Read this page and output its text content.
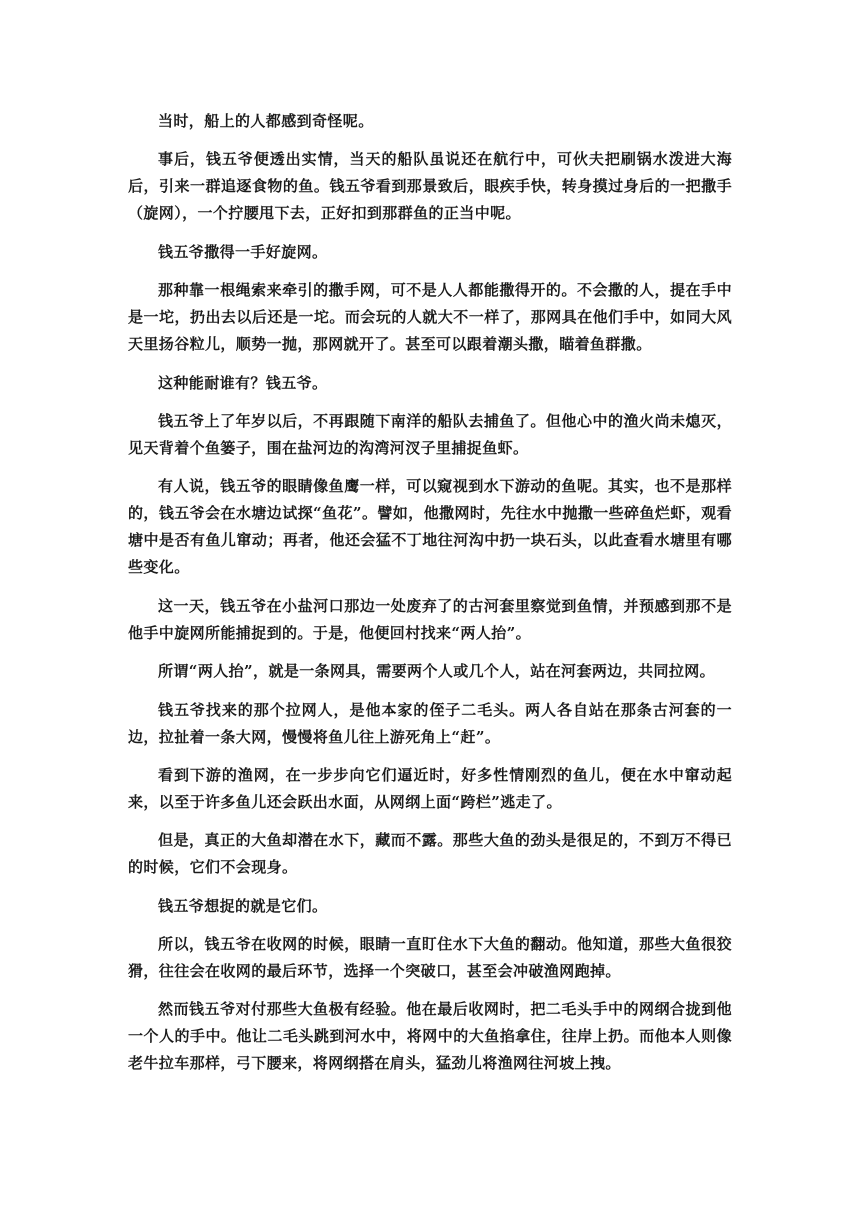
当时，船上的人都感到奇怪呢。

事后，钱五爷便透出实情，当天的船队虽说还在航行中，可伙夫把刷锅水泼进大海后，引来一群追逐食物的鱼。钱五爷看到那景致后，眼疾手快，转身摸过身后的一把撒手（旋网），一个拧腰甩下去，正好扣到那群鱼的正当中呢。

钱五爷撒得一手好旋网。

那种靠一根绳索来牵引的撒手网，可不是人人都能撒得开的。不会撒的人，提在手中是一坨，扔出去以后还是一坨。而会玩的人就大不一样了，那网具在他们手中，如同大风天里扬谷粒儿，顺势一抛，那网就开了。甚至可以跟着潮头撒，瞄着鱼群撒。

这种能耐谁有？钱五爷。

钱五爷上了年岁以后，不再跟随下南洋的船队去捕鱼了。但他心中的渔火尚未熄灭，见天背着个鱼篓子，围在盐河边的沟湾河汊子里捕捉鱼虾。

有人说，钱五爷的眼睛像鱼鹰一样，可以窥视到水下游动的鱼呢。其实，也不是那样的，钱五爷会在水塘边试探“鱼花”。譬如，他撒网时，先往水中抛撒一些碎鱼烂虾，观看塘中是否有鱼儿窜动；再者，他还会猛不丁地往河沟中扔一块石头，以此查看水塘里有哪些变化。

这一天，钱五爷在小盐河口那边一处废弃了的古河套里察觉到鱼情，并预感到那不是他手中旋网所能捕捉到的。于是，他便回村找来“两人抬”。

所谓“两人抬”，就是一条网具，需要两个人或几个人，站在河套两边，共同拉网。

钱五爷找来的那个拉网人，是他本家的侄子二毛头。两人各自站在那条古河套的一边，拉扯着一条大网，慢慢将鱼儿往上游死角上“赶”。

看到下游的渔网，在一步步向它们逼近时，好多性情刚烈的鱼儿，便在水中窜动起来，以至于许多鱼儿还会跃出水面，从网纲上面“跨栏”逃走了。

但是，真正的大鱼却潜在水下，藏而不露。那些大鱼的劲头是很足的，不到万不得已的时候，它们不会现身。

钱五爷想捉的就是它们。

所以，钱五爷在收网的时候，眼睛一直盯住水下大鱼的翻动。他知道，那些大鱼很狡猾，往往会在收网的最后环节，选择一个突破口，甚至会冲破渔网跑掉。

然而钱五爷对付那些大鱼极有经验。他在最后收网时，把二毛头手中的网纲合拢到他一个人的手中。他让二毛头跳到河水中，将网中的大鱼掐拿住，往岸上扔。而他本人则像老牛拉车那样，弓下腰来，将网纲搭在肩头，猛劲儿将渔网往河坡上拽。
